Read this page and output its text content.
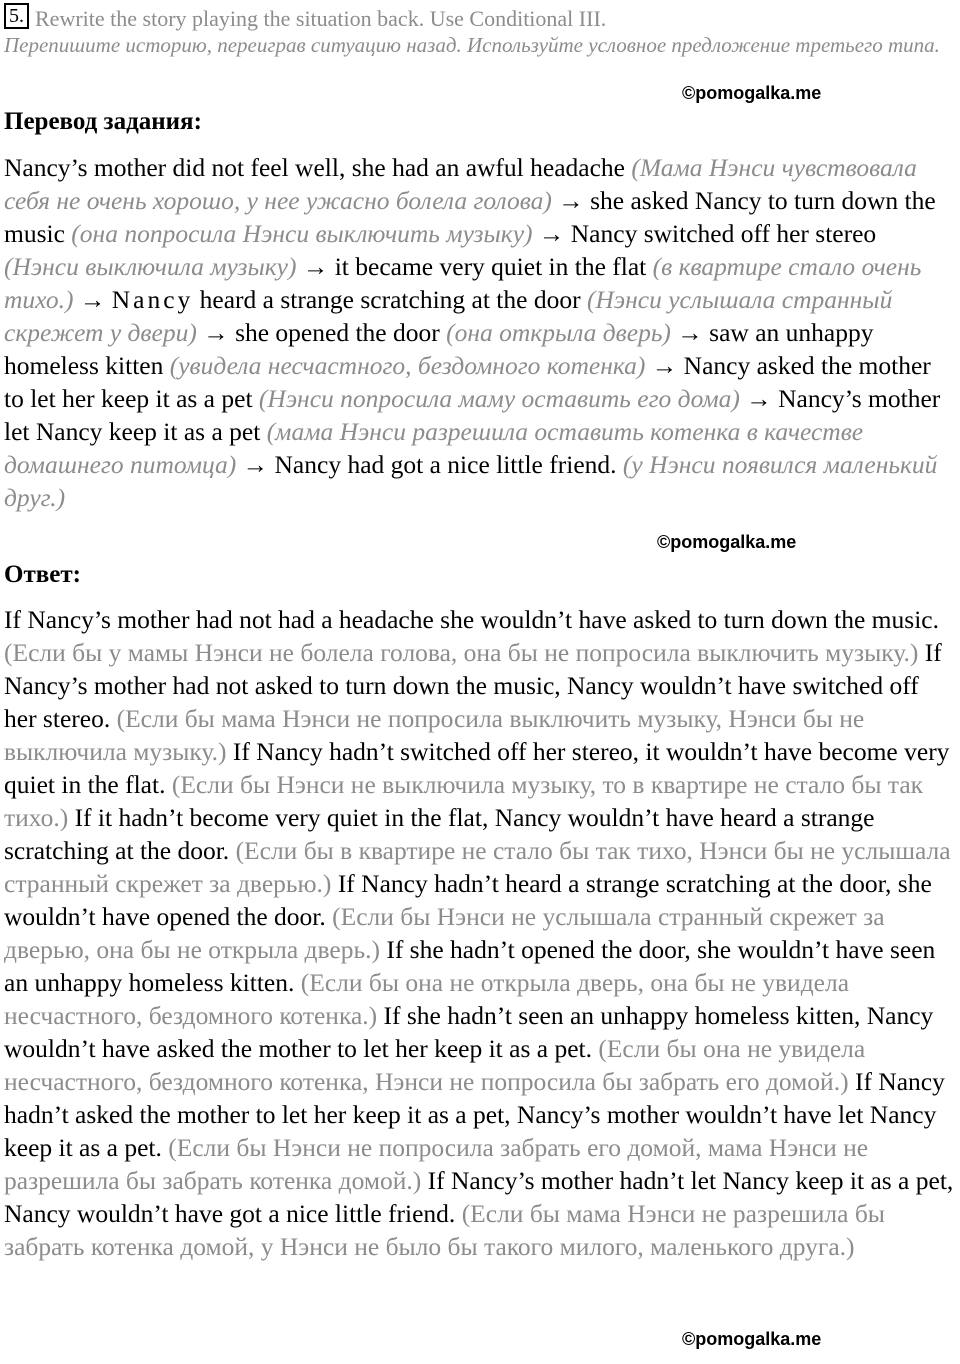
5. Rewrite the story playing the situation back. Use Conditional III.
Перепишите историю, переиграв ситуацию назад. Используйте условное предложение третьего типа.
©pomogalka.me
Перевод задания:
Nancy’s mother did not feel well, she had an awful headache (Мама Нэнси чувствовала себя не очень хорошо, у нее ужасно болела голова) → she asked Nancy to turn down the music (она попросила Нэнси выключить музыку) → Nancy switched off her stereo (Нэнси выключила музыку) → it became very quiet in the flat (в квартире стало очень тихо.) → Nancy heard a strange scratching at the door (Нэнси услышала странный скрежет у двери) → she opened the door (она открыла дверь) → saw an unhappy homeless kitten (увидела несчастного, бездомного котенка) → Nancy asked the mother to let her keep it as a pet (Нэнси попросила маму оставить его дома) → Nancy’s mother let Nancy keep it as a pet (мама Нэнси разрешила оставить котенка в качестве домашнего питомца) → Nancy had got a nice little friend. (у Нэнси появился маленький друг.)
©pomogalka.me
Ответ:
If Nancy’s mother had not had a headache she wouldn’t have asked to turn down the music. (Если бы у мамы Нэнси не болела голова, она бы не попросила выключить музыку.) If Nancy’s mother had not asked to turn down the music, Nancy wouldn’t have switched off her stereo. (Если бы мама Нэнси не попросила выключить музыку, Нэнси бы не выключила музыку.) If Nancy hadn’t switched off her stereo, it wouldn’t have become very quiet in the flat. (Если бы Нэнси не выключила музыку, то в квартире не стало бы так тихо.) If it hadn’t become very quiet in the flat, Nancy wouldn’t have heard a strange scratching at the door. (Если бы в квартире не стало бы так тихо, Нэнси бы не услышала странный скрежет за дверью.) If Nancy hadn’t heard a strange scratching at the door, she wouldn’t have opened the door. (Если бы Нэнси не услышала странный скрежет за дверью, она бы не открыла дверь.) If she hadn’t opened the door, she wouldn’t have seen an unhappy homeless kitten. (Если бы она не открыла дверь, она бы не увидела несчастного, бездомного котенка.) If she hadn’t seen an unhappy homeless kitten, Nancy wouldn’t have asked the mother to let her keep it as a pet. (Если бы она не увидела несчастного, бездомного котенка, Нэнси не попросила бы забрать его домой.) If Nancy hadn’t asked the mother to let her keep it as a pet, Nancy’s mother wouldn’t have let Nancy keep it as a pet. (Если бы Нэнси не попросила забрать его домой, мама Нэнси не разрешила бы забрать котенка домой.) If Nancy’s mother hadn’t let Nancy keep it as a pet, Nancy wouldn’t have got a nice little friend. (Если бы мама Нэнси не разрешила бы забрать котенка домой, у Нэнси не было бы такого милого, маленького друга.)
©pomogalka.me
